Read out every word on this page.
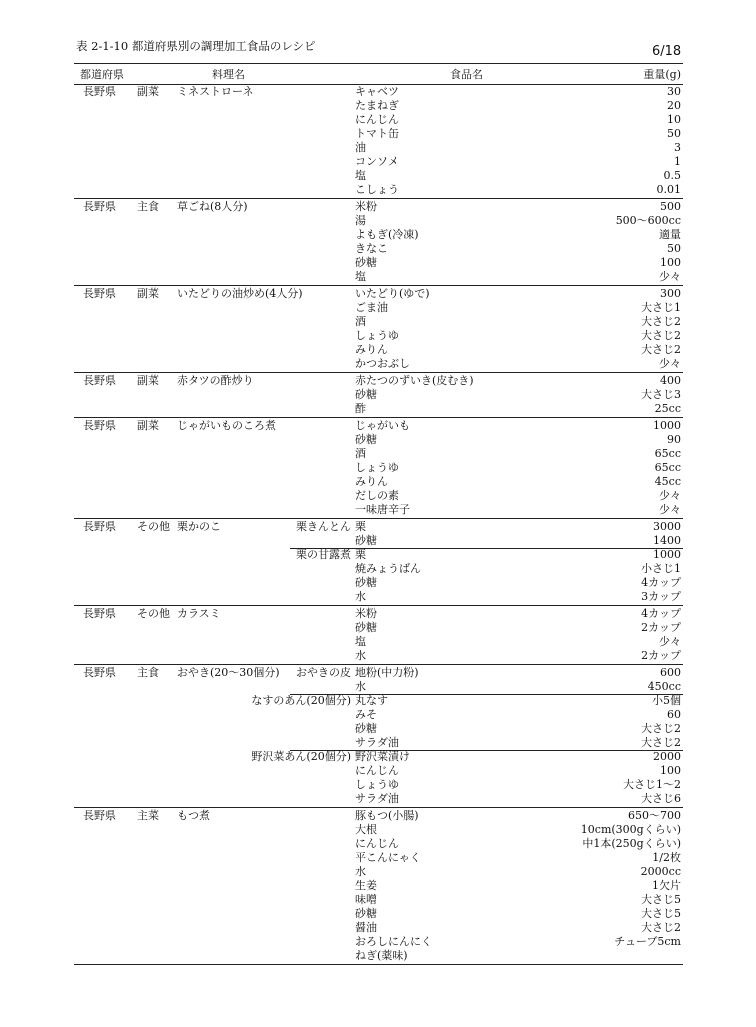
表 2-1-10 都道府県別の調理加工食品のレシピ	6/18
都道府県	料理名	食品名	重量(g)
長野県 副菜 ミネストローネ	キャベツ	30
たまねぎ	20
にんじん	10
トマト缶	50
油	3
コンソメ	1
塩	0.5
こしょう	0.01
長野県 主食 草ごね(8人分)	米粉	500
湯	500～600cc
よもぎ(冷凍)	適量
きなこ	50
砂糖	100
塩	少々
長野県 副菜 いたどりの油炒め(4人分)	いたどり(ゆで)	300
ごま油	大さじ1
酒	大さじ2
しょうゆ	大さじ2
みりん	大さじ2
かつおぶし	少々
長野県 副菜 赤タツの酢炒り	赤たつのずいき(皮むき)	400
砂糖	大さじ3
酢	25cc
長野県 副菜 じゃがいものころ煮	じゃがいも	1000
砂糖	90
酒	65cc
しょうゆ	65cc
みりん	45cc
だしの素	少々
一味唐辛子	少々
長野県 その他 栗かのこ	栗きんとん 栗	3000
砂糖	1400
栗の甘露煮 栗	1000
焼みょうばん	小さじ1
砂糖	4カップ
水	3カップ
長野県 その他 カラスミ	米粉	4カップ
砂糖	2カップ
塩	少々
水	2カップ
長野県 主食 おやき(20～30個分) おやきの皮 地粉(中力粉)	600
水	450cc
なすのあん(20個分) 丸なす	小5個
みそ	60
砂糖	大さじ2
サラダ油	大さじ2
野沢菜あん(20個分) 野沢菜漬け	2000
にんじん	100
しょうゆ	大さじ1～2
サラダ油	大さじ6
長野県 主菜 もつ煮	豚もつ(小腸)	650～700
大根	10cm(300gくらい)
にんじん	中1本(250gくらい)
平こんにゃく	1/2枚
水	2000cc
生姜	1欠片
味噌	大さじ5
砂糖	大さじ5
醤油	大さじ2
おろしにんにく	チューブ5cm
ねぎ(薬味)
